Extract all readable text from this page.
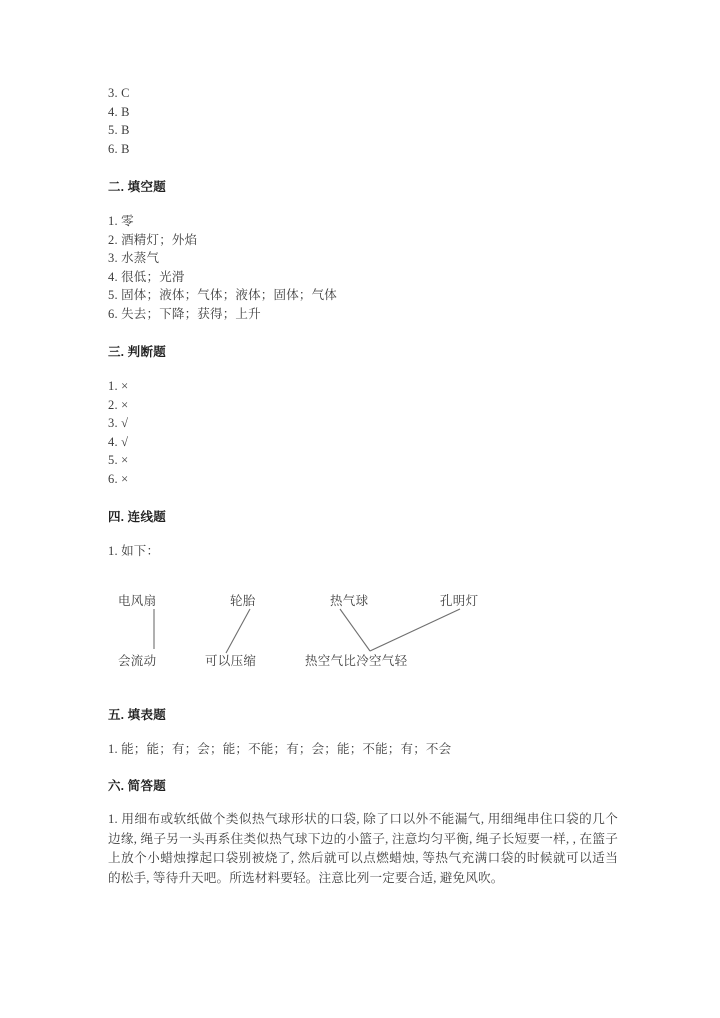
3. C
4. B
5. B
6. B
二. 填空题
1. 零
2. 酒精灯；外焰
3. 水蒸气
4. 很低；光滑
5. 固体；液体；气体；液体；固体；气体
6. 失去；下降；获得；上升
三. 判断题
1. ×
2. ×
3. √
4. √
5. ×
6. ×
四. 连线题
1. 如下：
电风扇	轮胎	热气球	孔明灯
会流动	可以压缩	热空气比冷空气轻
五. 填表题
1. 能；能；有；会；能；不能；有；会；能；不能；有；不会
六. 简答题

1. 用细布或软纸做个类似热气球形状的口袋, 除了口以外不能漏气, 用细绳串住口袋的几个边缘, 绳子另一头再系住类似热气球下边的小篮子, 注意均匀平衡, 绳子长短要一样, , 在篮子上放个小蜡烛撑起口袋别被烧了, 然后就可以点燃蜡烛, 等热气充满口袋的时候就可以适当的松手, 等待升天吧。所选材料要轻。注意比列一定要合适, 避免风吹。
